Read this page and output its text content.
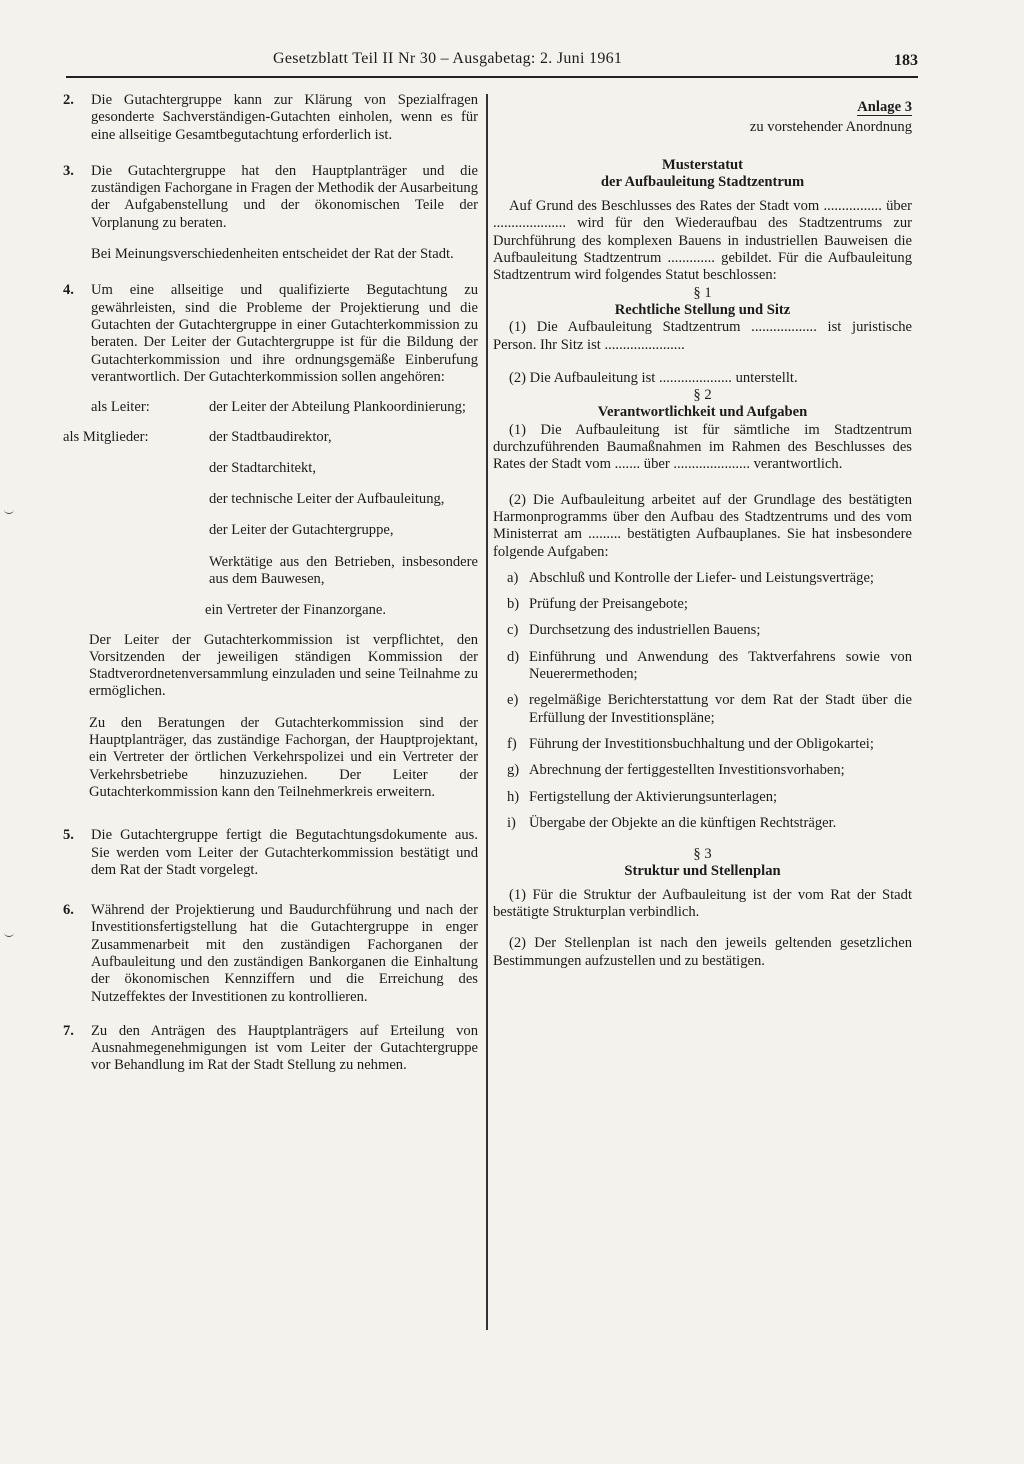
Gesetzblatt Teil II Nr 30 – Ausgabetag: 2. Juni 1961	183
2.	Die Gutachtergruppe kann zur Klärung von Spezialfragen gesonderte Sachverständigen-Gutachten einholen, wenn es für eine allseitige Gesamtbegutachtung erforderlich ist.

3.	Die Gutachtergruppe hat den Hauptplanträger und die zuständigen Fachorgane in Fragen der Methodik der Ausarbeitung der Aufgabenstellung und der ökonomischen Teile der Vorplanung zu beraten.

Bei Meinungsverschiedenheiten entscheidet der Rat der Stadt.

4.	Um eine allseitige und qualifizierte Begutachtung zu gewährleisten, sind die Probleme der Projektierung und die Gutachten der Gutachtergruppe in einer Gutachterkommission zu beraten. Der Leiter der Gutachtergruppe ist für die Bildung der Gutachterkommission und ihre ordnungsgemäße Einberufung verantwortlich. Der Gutachterkommission sollen angehören:

als Leiter:	der Leiter der Abteilung Plankoordinierung;
als Mitglieder:	der Stadtbaudirektor,

der Stadtarchitekt,

der technische Leiter der Aufbauleitung,

der Leiter der Gutachtergruppe,

Werktätige aus den Betrieben, insbesondere aus dem Bauwesen,

ein Vertreter der Finanzorgane.

Der Leiter der Gutachterkommission ist verpflichtet, den Vorsitzenden der jeweiligen ständigen Kommission der Stadtverordnetenversammlung einzuladen und seine Teilnahme zu ermöglichen.

Zu den Beratungen der Gutachterkommission sind der Hauptplanträger, das zuständige Fachorgan, der Hauptprojektant, ein Vertreter der örtlichen Verkehrspolizei und ein Vertreter der Verkehrsbetriebe hinzuzuziehen. Der Leiter der Gutachterkommission kann den Teilnehmerkreis erweitern.

5.	Die Gutachtergruppe fertigt die Begutachtungsdokumente aus. Sie werden vom Leiter der Gutachterkommission bestätigt und dem Rat der Stadt vorgelegt.

6.	Während der Projektierung und Baudurchführung und nach der Investitionsfertigstellung hat die Gutachtergruppe in enger Zusammenarbeit mit den zuständigen Fachorganen der Aufbauleitung und den zuständigen Bankorganen die Einhaltung der ökonomischen Kennziffern und die Erreichung des Nutzeffektes der Investitionen zu kontrollieren.

7.	Zu den Anträgen des Hauptplanträgers auf Erteilung von Ausnahmegenehmigungen ist vom Leiter der Gutachtergruppe vor Behandlung im Rat der Stadt Stellung zu nehmen.

Anlage 3

zu vorstehender Anordnung

Musterstatut

der Aufbauleitung Stadtzentrum

Auf Grund des Beschlusses des Rates der Stadt vom ................ über .................... wird für den Wiederaufbau des Stadtzentrums zur Durchführung des komplexen Bauens in industriellen Bauweisen die Aufbauleitung Stadtzentrum ............. gebildet. Für die Aufbauleitung Stadtzentrum wird folgendes Statut beschlossen:

§ 1

Rechtliche Stellung und Sitz

(1) Die Aufbauleitung Stadtzentrum .................. ist juristische Person. Ihr Sitz ist ......................

(2) Die Aufbauleitung ist .................... unterstellt.

§ 2

Verantwortlichkeit und Aufgaben

(1) Die Aufbauleitung ist für sämtliche im Stadtzentrum durchzuführenden Baumaßnahmen im Rahmen des Beschlusses des Rates der Stadt vom ....... über ..................... verantwortlich.

(2) Die Aufbauleitung arbeitet auf der Grundlage des bestätigten Harmonprogramms über den Aufbau des Stadtzentrums und des vom Ministerrat am ......... bestätigten Aufbauplanes. Sie hat insbesondere folgende Aufgaben:

a) Abschluß und Kontrolle der Liefer- und Leistungsverträge;
b) Prüfung der Preisangebote;
c) Durchsetzung des industriellen Bauens;
d) Einführung und Anwendung des Taktverfahrens sowie von Neuerermethoden;
e) regelmäßige Berichterstattung vor dem Rat der Stadt über die Erfüllung der Investitionspläne;
f) Führung der Investitionsbuchhaltung und der Obligokartei;
g) Abrechnung der fertiggestellten Investitionsvorhaben;
h) Fertigstellung der Aktivierungsunterlagen;
i) Übergabe der Objekte an die künftigen Rechtsträger.

§ 3

Struktur und Stellenplan

(1) Für die Struktur der Aufbauleitung ist der vom Rat der Stadt bestätigte Strukturplan verbindlich.

(2) Der Stellenplan ist nach den jeweils geltenden gesetzlichen Bestimmungen aufzustellen und zu bestätigen.
